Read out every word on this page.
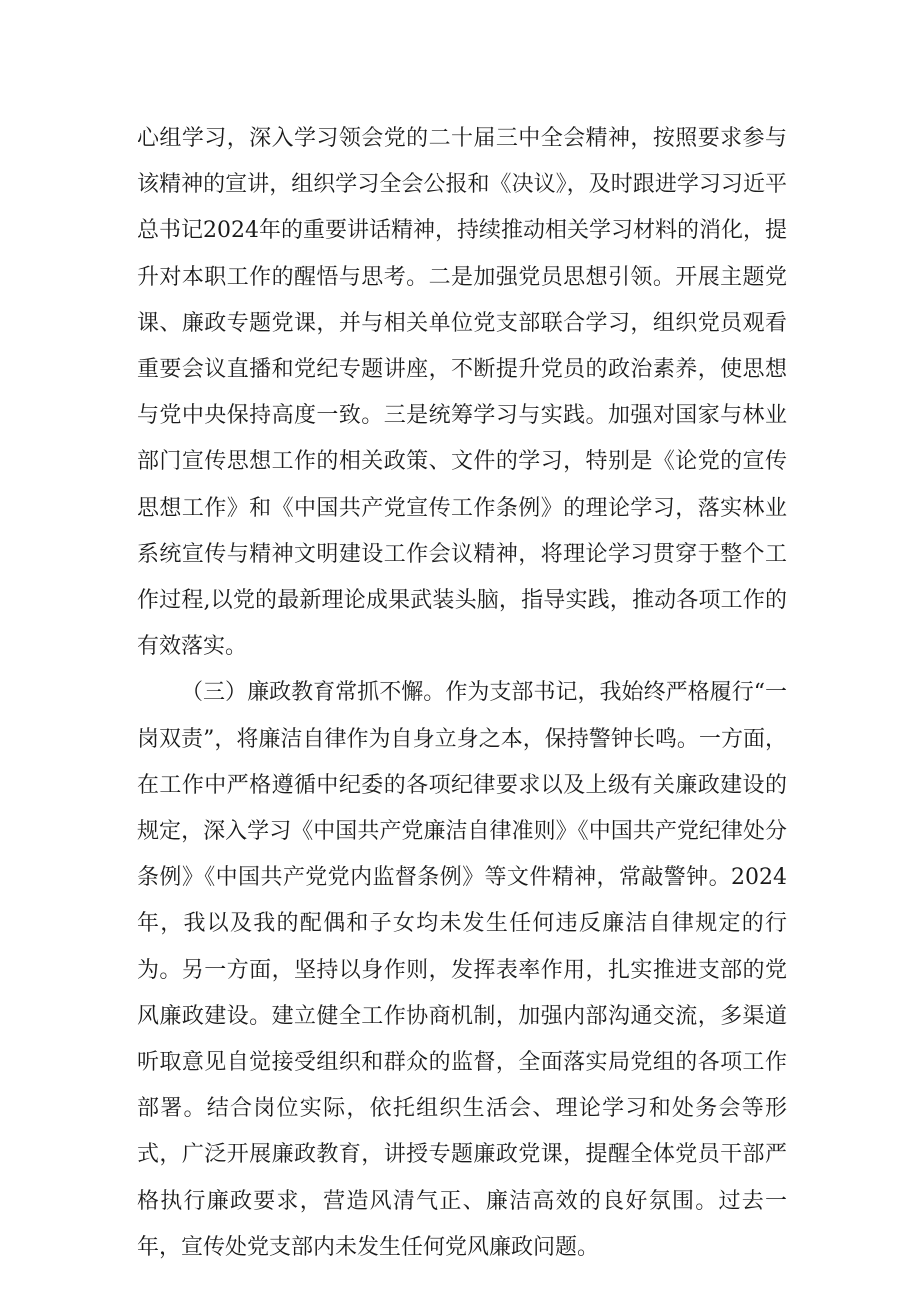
心组学习，深入学习领会党的二十届三中全会精神，按照要求参与该精神的宣讲，组织学习全会公报和《决议》，及时跟进学习习近平总书记2024年的重要讲话精神，持续推动相关学习材料的消化，提升对本职工作的醒悟与思考。二是加强党员思想引领。开展主题党课、廉政专题党课，并与相关单位党支部联合学习，组织党员观看重要会议直播和党纪专题讲座，不断提升党员的政治素养，使思想与党中央保持高度一致。三是统筹学习与实践。加强对国家与林业部门宣传思想工作的相关政策、文件的学习，特别是《论党的宣传思想工作》和《中国共产党宣传工作条例》的理论学习，落实林业系统宣传与精神文明建设工作会议精神，将理论学习贯穿于整个工作过程,以党的最新理论成果武装头脑，指导实践，推动各项工作的有效落实。

（三）廉政教育常抓不懈。作为支部书记，我始终严格履行“一岗双责”，将廉洁自律作为自身立身之本，保持警钟长鸣。一方面，在工作中严格遵循中纪委的各项纪律要求以及上级有关廉政建设的规定，深入学习《中国共产党廉洁自律准则》《中国共产党纪律处分条例》《中国共产党党内监督条例》等文件精神，常敲警钟。2024年，我以及我的配偶和子女均未发生任何违反廉洁自律规定的行为。另一方面，坚持以身作则，发挥表率作用，扎实推进支部的党风廉政建设。建立健全工作协商机制，加强内部沟通交流，多渠道听取意见自觉接受组织和群众的监督，全面落实局党组的各项工作部署。结合岗位实际，依托组织生活会、理论学习和处务会等形式，广泛开展廉政教育，讲授专题廉政党课，提醒全体党员干部严格执行廉政要求，营造风清气正、廉洁高效的良好氛围。过去一年，宣传处党支部内未发生任何党风廉政问题。
